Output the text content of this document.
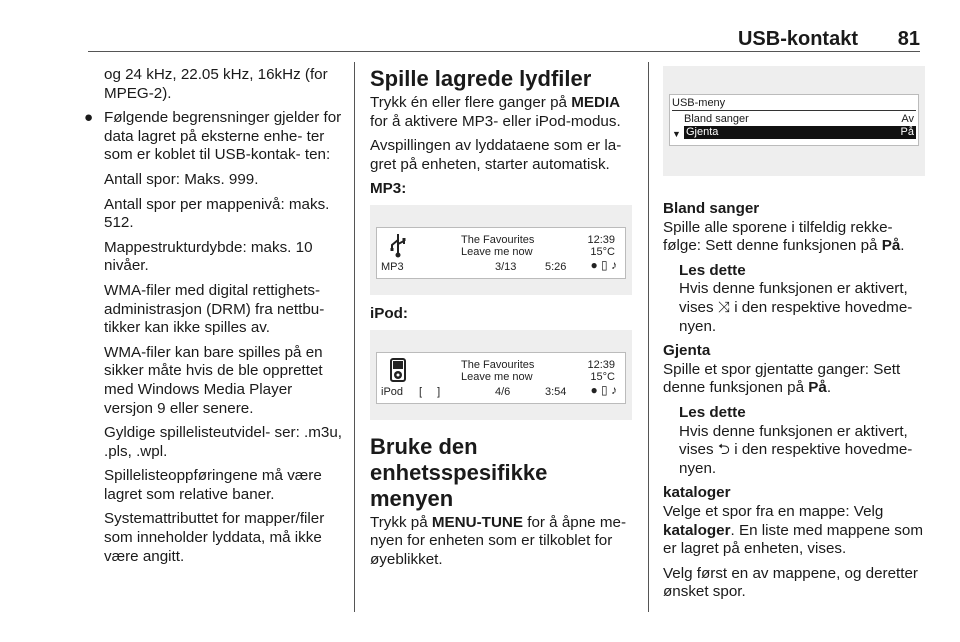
USB-kontakt 81

og 24 kHz, 22.05 kHz, 16kHz (for MPEG-2).

● Følgende begrensninger gjelder for data lagret på eksterne enhe- ter som er koblet til USB-kontak- ten:

Antall spor: Maks. 999.

Antall spor per mappenivå: maks. 512.

Mappestrukturdybde: maks. 10 nivåer.

WMA-filer med digital rettighets- administrasjon (DRM) fra nettbu- tikker kan ikke spilles av.

WMA-filer kan bare spilles på en sikker måte hvis de ble opprettet med Windows Media Player versjon 9 eller senere.

Gyldige spillelisteutvidel- ser: .m3u, .pls, .wpl.

Spillelisteoppføringene må være lagret som relative baner.

Systemattributtet for mapper/filer som inneholder lyddata, må ikke være angitt.

Spille lagrede lydfiler

Trykk én eller flere ganger på MEDIA for å aktivere MP3- eller iPod-modus.

Avspillingen av lyddataene som er la- gret på enheten, starter automatisk.

MP3:
The Favourites
Leave me now
12:39
15°C
MP3	3/13	5:26 ● ▯ ♪
iPod:
The Favourites
Leave me now
12:39
15°C
iPod [ ]	4/6	3:54 ● ▯ ♪
Bruke den enhetsspesifikke menyen

Trykk på MENU-TUNE for å åpne me- nyen for enheten som er tilkoblet for øyeblikket.

USB-meny
Bland sanger	Av
▼ Gjenta	På
Bland sanger

Spille alle sporene i tilfeldig rekke- følge: Sett denne funksjonen på På.

Les dette

Hvis denne funksjonen er aktivert, vises ⤨ i den respektive hovedme- nyen.

Gjenta

Spille et spor gjentatte ganger: Sett denne funksjonen på På.

Les dette

Hvis denne funksjonen er aktivert, vises ⮌ i den respektive hovedme- nyen.

kataloger

Velge et spor fra en mappe: Velg kataloger. En liste med mappene som er lagret på enheten, vises.

Velg først en av mappene, og deretter ønsket spor.
